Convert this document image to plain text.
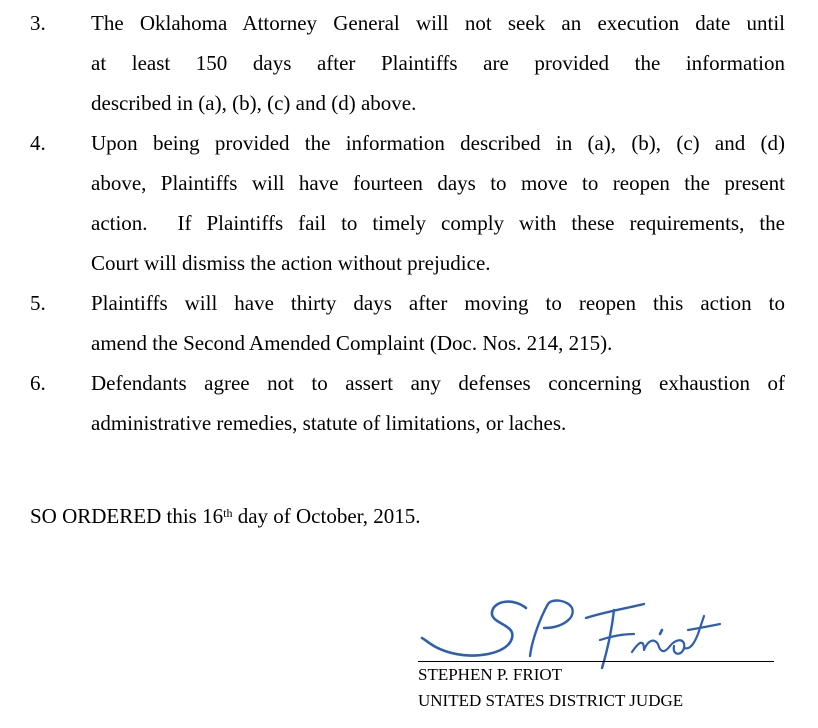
3. The Oklahoma Attorney General will not seek an execution date until
at least 150 days after Plaintiffs are provided the information
described in (a), (b), (c) and (d) above.
4. Upon being provided the information described in (a), (b), (c) and (d)
above, Plaintiffs will have fourteen days to move to reopen the present
action.  If Plaintiffs fail to timely comply with these requirements, the
Court will dismiss the action without prejudice.
5. Plaintiffs will have thirty days after moving to reopen this action to
amend the Second Amended Complaint (Doc. Nos. 214, 215).
6. Defendants agree not to assert any defenses concerning exhaustion of
administrative remedies, statute of limitations, or laches.
SO ORDERED this 16th day of October, 2015.
STEPHEN P. FRIOT
UNITED STATES DISTRICT JUDGE
